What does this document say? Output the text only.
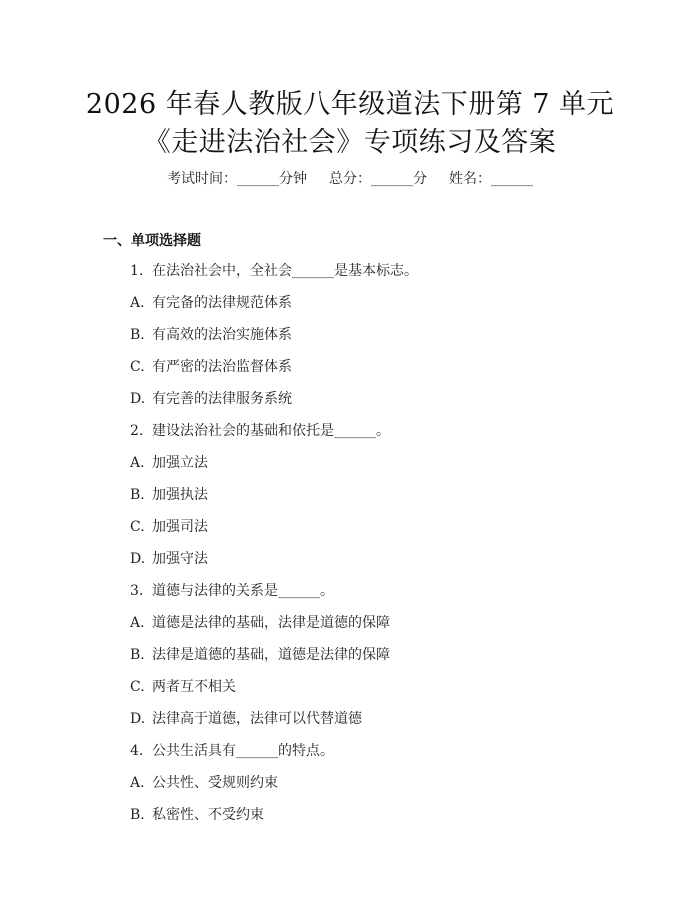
2026 年春人教版八年级道法下册第 7 单元
《走进法治社会》专项练习及答案
考试时间：______分钟 总分：______分 姓名：______
一、单项选择题
1. 在法治社会中，全社会______是基本标志。
A. 有完备的法律规范体系
B. 有高效的法治实施体系
C. 有严密的法治监督体系
D. 有完善的法律服务系统
2. 建设法治社会的基础和依托是______。
A. 加强立法
B. 加强执法
C. 加强司法
D. 加强守法
3. 道德与法律的关系是______。
A. 道德是法律的基础，法律是道德的保障
B. 法律是道德的基础，道德是法律的保障
C. 两者互不相关
D. 法律高于道德，法律可以代替道德
4. 公共生活具有______的特点。
A. 公共性、受规则约束
B. 私密性、不受约束
